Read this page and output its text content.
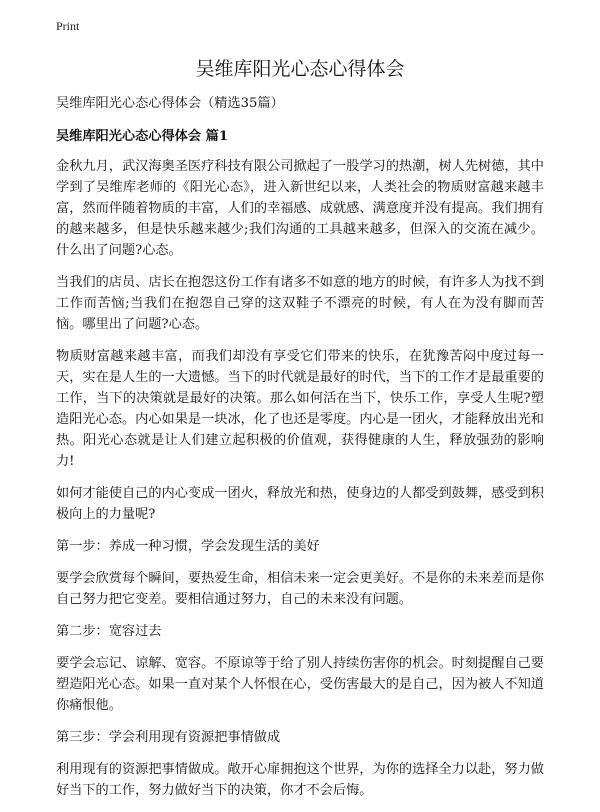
Print
吴维库阳光心态心得体会

吴维库阳光心态心得体会（精选35篇）

吴维库阳光心态心得体会 篇1

金秋九月，武汉海奥圣医疗科技有限公司掀起了一股学习的热潮，树人先树德，其中学到了吴维库老师的《阳光心态》，进入新世纪以来，人类社会的物质财富越来越丰富，然而伴随着物质的丰富，人们的幸福感、成就感、满意度并没有提高。我们拥有的越来越多，但是快乐越来越少;我们沟通的工具越来越多，但深入的交流在减少。什么出了问题?心态。

当我们的店员、店长在抱怨这份工作有诸多不如意的地方的时候，有许多人为找不到工作而苦恼;当我们在抱怨自己穿的这双鞋子不漂亮的时候，有人在为没有脚而苦恼。哪里出了问题?心态。

物质财富越来越丰富，而我们却没有享受它们带来的快乐，在犹豫苦闷中度过每一天，实在是人生的一大遗憾。当下的时代就是最好的时代，当下的工作才是最重要的工作，当下的决策就是最好的决策。那么如何活在当下，快乐工作，享受人生呢?塑造阳光心态。内心如果是一块冰，化了也还是零度。内心是一团火，才能释放出光和热。阳光心态就是让人们建立起积极的价值观，获得健康的人生，释放强劲的影响力!

如何才能使自己的内心变成一团火，释放光和热，使身边的人都受到鼓舞，感受到积极向上的力量呢?

第一步：养成一种习惯，学会发现生活的美好

要学会欣赏每个瞬间，要热爱生命，相信未来一定会更美好。不是你的未来差而是你自己努力把它变差。要相信通过努力，自己的未来没有问题。

第二步：宽容过去

要学会忘记、谅解、宽容。不原谅等于给了别人持续伤害你的机会。时刻提醒自己要塑造阳光心态。如果一直对某个人怀恨在心，受伤害最大的是自己，因为被人不知道你痛恨他。

第三步：学会利用现有资源把事情做成

利用现有的资源把事情做成。敞开心扉拥抱这个世界，为你的选择全力以赴，努力做好当下的工作，努力做好当下的决策，你才不会后悔。
